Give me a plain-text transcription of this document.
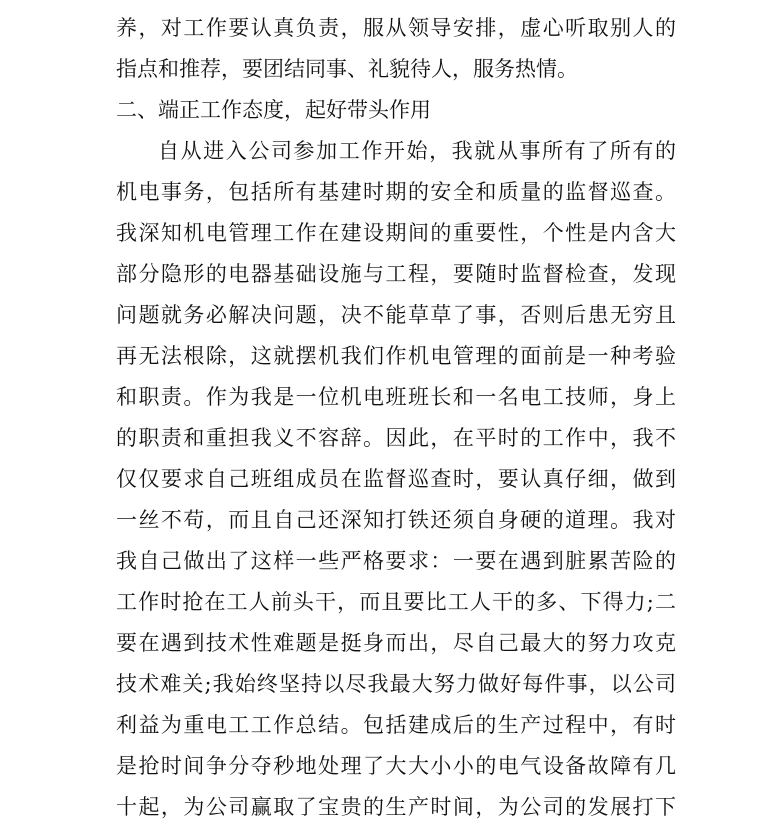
养，对工作要认真负责，服从领导安排，虚心听取别人的
指点和推荐，要团结同事、礼貌待人，服务热情。
二、端正工作态度，起好带头作用
自从进入公司参加工作开始，我就从事所有了所有的
机电事务，包括所有基建时期的安全和质量的监督巡查。
我深知机电管理工作在建设期间的重要性，个性是内含大
部分隐形的电器基础设施与工程，要随时监督检查，发现
问题就务必解决问题，决不能草草了事，否则后患无穷且
再无法根除，这就摆机我们作机电管理的面前是一种考验
和职责。作为我是一位机电班班长和一名电工技师，身上
的职责和重担我义不容辞。因此，在平时的工作中，我不
仅仅要求自己班组成员在监督巡查时，要认真仔细，做到
一丝不苟，而且自己还深知打铁还须自身硬的道理。我对
我自己做出了这样一些严格要求：一要在遇到脏累苦险的
工作时抢在工人前头干，而且要比工人干的多、下得力;二
要在遇到技术性难题是挺身而出，尽自己最大的努力攻克
技术难关;我始终坚持以尽我最大努力做好每件事，以公司
利益为重电工工作总结。包括建成后的生产过程中，有时
是抢时间争分夺秒地处理了大大小小的电气设备故障有几
十起，为公司赢取了宝贵的生产时间，为公司的发展打下
